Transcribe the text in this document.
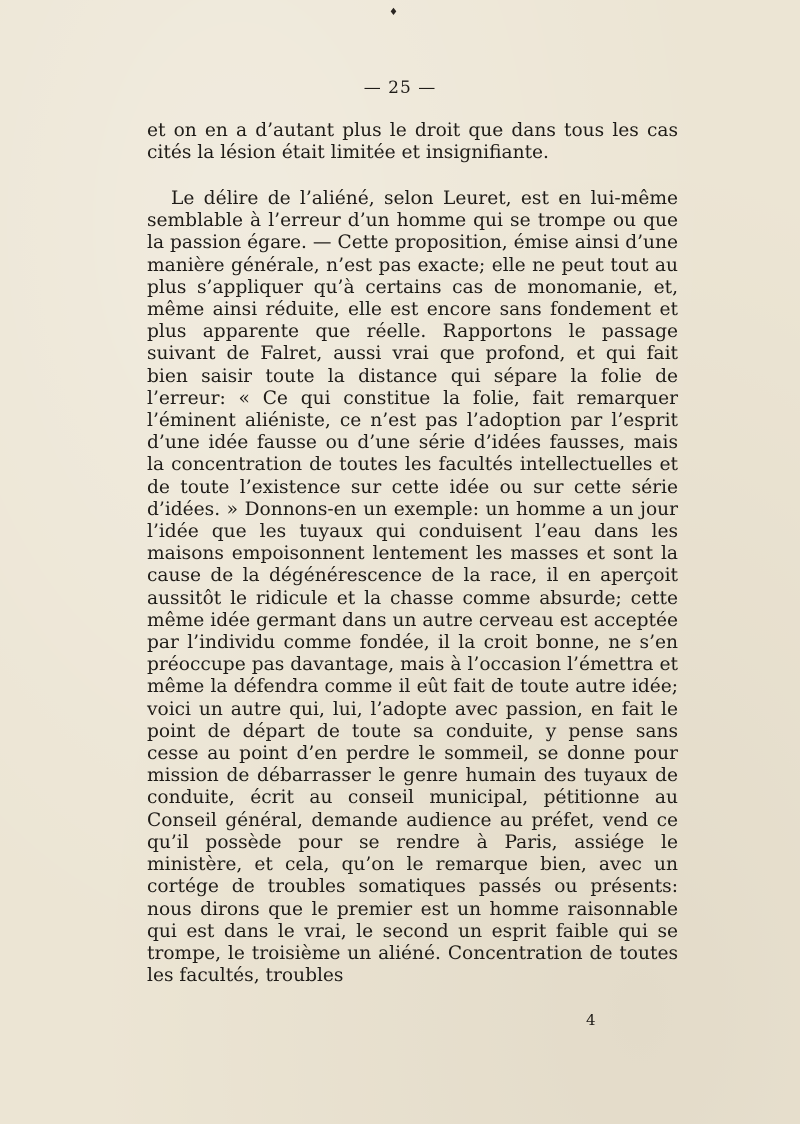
♦
— 25 —
et on en a d’autant plus le droit que dans tous les cas cités la lésion était limitée et insignifiante.
Le délire de l’aliéné, selon Leuret, est en lui-même semblable à l’erreur d’un homme qui se trompe ou que la passion égare. — Cette proposition, émise ainsi d’une manière générale, n’est pas exacte; elle ne peut tout au plus s’appliquer qu’à certains cas de monomanie, et, même ainsi réduite, elle est encore sans fondement et plus apparente que réelle. Rapportons le passage suivant de Falret, aussi vrai que profond, et qui fait bien saisir toute la distance qui sépare la folie de l’erreur: « Ce qui constitue la folie, fait remarquer l’éminent aliéniste, ce n’est pas l’adoption par l’esprit d’une idée fausse ou d’une série d’idées fausses, mais la concentration de toutes les facultés intellectuelles et de toute l’existence sur cette idée ou sur cette série d’idées. » Donnons-en un exemple: un homme a un jour l’idée que les tuyaux qui conduisent l’eau dans les maisons empoisonnent lentement les masses et sont la cause de la dégénérescence de la race, il en aperçoit aussitôt le ridicule et la chasse comme absurde; cette même idée germant dans un autre cerveau est acceptée par l’individu comme fondée, il la croit bonne, ne s’en préoccupe pas davantage, mais à l’occasion l’émettra et même la défendra comme il eût fait de toute autre idée; voici un autre qui, lui, l’adopte avec passion, en fait le point de départ de toute sa conduite, y pense sans cesse au point d’en perdre le sommeil, se donne pour mission de débarrasser le genre humain des tuyaux de conduite, écrit au conseil municipal, pétitionne au Conseil général, demande audience au préfet, vend ce qu’il possède pour se rendre à Paris, assiége le ministère, et cela, qu’on le remarque bien, avec un cortége de troubles somatiques passés ou présents: nous dirons que le premier est un homme raisonnable qui est dans le vrai, le second un esprit faible qui se trompe, le troisième un aliéné. Concentration de toutes les facultés, troubles
4
